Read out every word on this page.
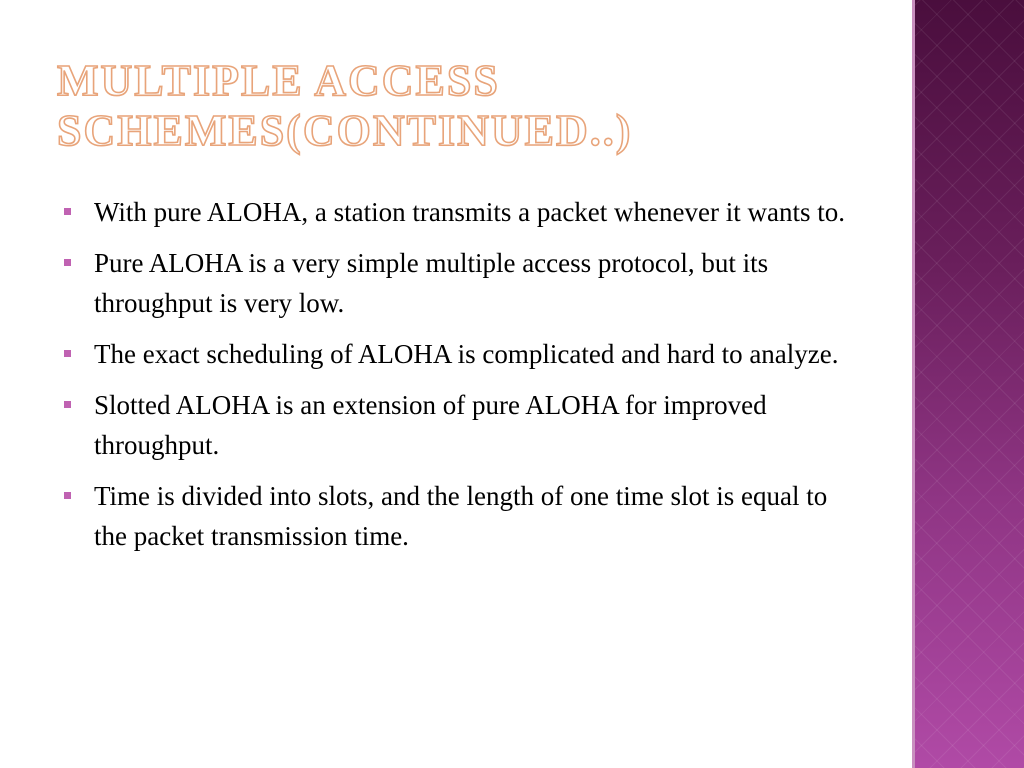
MULTIPLE ACCESS SCHEMES(CONTINUED..)
With pure ALOHA, a station transmits a packet whenever it wants to.
Pure ALOHA is a very simple multiple access protocol, but its throughput is very low.
The exact scheduling of ALOHA is complicated and hard to analyze.
Slotted ALOHA is an extension of pure ALOHA for improved throughput.
Time is divided into slots, and the length of one time slot is equal to the packet transmission time.
